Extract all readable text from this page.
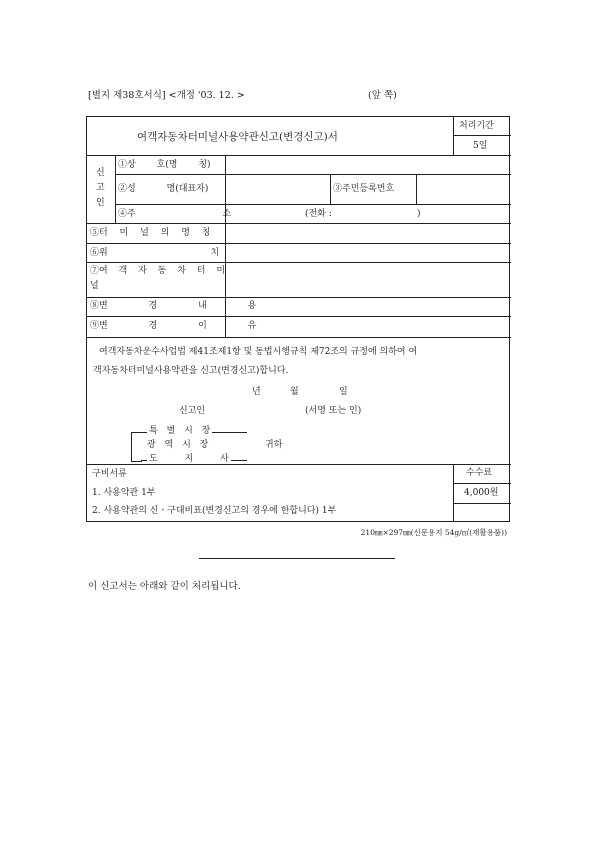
[별지 제38호서식] <개정 '03. 12. >	(앞 쪽)
여객자동차터미널사용약관신고(변경신고)서
처리기간
5일
신
고
인
①상 호(명 칭)
②성 명(대표자)	③주민등록번호
④주 소	(전화 :	)
⑤터 미 널 의 명 칭
⑥위 치
⑦여 객 자 동 차 터 미
널
⑧변 경 내 용
⑨변 경 이 유
여객자동차운수사업법 제41조제1항 및 동법시행규칙 제72조의 규정에 의하여 여
객자동차터미널사용약관을 신고(변경신고)합니다.
년	월	일
신고인	(서명 또는 인)
특 별 시 장
광 역 시 장
도 지 사
귀하
구비서류
1. 사용약관 1부
2. 사용약관의 신ㆍ구대비표(변경신고의 경우에 한합니다) 1부
수수료
4,000원
210㎜×297㎜(신문용지 54g/㎡(재활용품))
이 신고서는 아래와 같이 처리됩니다.
